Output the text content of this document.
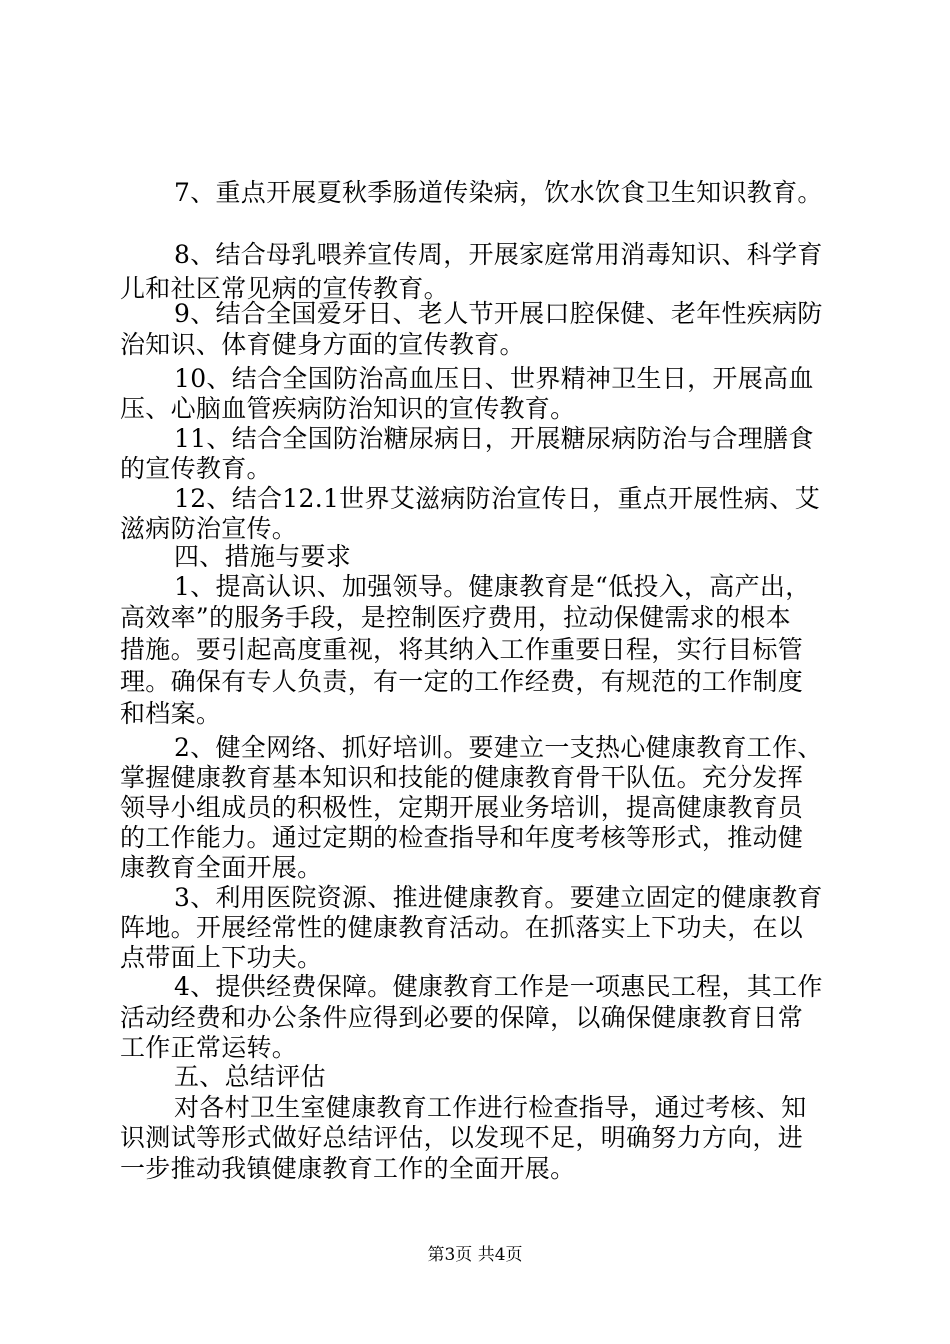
7、重点开展夏秋季肠道传染病，饮水饮食卫生知识教育。
8、结合母乳喂养宣传周，开展家庭常用消毒知识、科学育
儿和社区常见病的宣传教育。
9、结合全国爱牙日、老人节开展口腔保健、老年性疾病防
治知识、体育健身方面的宣传教育。
10、结合全国防治高血压日、世界精神卫生日，开展高血
压、心脑血管疾病防治知识的宣传教育。
11、结合全国防治糖尿病日，开展糖尿病防治与合理膳食
的宣传教育。
12、结合12.1世界艾滋病防治宣传日，重点开展性病、艾
滋病防治宣传。
四、措施与要求
1、提高认识、加强领导。健康教育是“低投入，高产出，
高效率”的服务手段，是控制医疗费用，拉动保健需求的根本
措施。要引起高度重视，将其纳入工作重要日程，实行目标管
理。确保有专人负责，有一定的工作经费，有规范的工作制度
和档案。
2、健全网络、抓好培训。要建立一支热心健康教育工作、
掌握健康教育基本知识和技能的健康教育骨干队伍。充分发挥
领导小组成员的积极性，定期开展业务培训，提高健康教育员
的工作能力。通过定期的检查指导和年度考核等形式，推动健
康教育全面开展。
3、利用医院资源、推进健康教育。要建立固定的健康教育
阵地。开展经常性的健康教育活动。在抓落实上下功夫，在以
点带面上下功夫。
4、提供经费保障。健康教育工作是一项惠民工程，其工作
活动经费和办公条件应得到必要的保障，以确保健康教育日常
工作正常运转。
五、总结评估
对各村卫生室健康教育工作进行检查指导，通过考核、知
识测试等形式做好总结评估，以发现不足，明确努力方向，进
一步推动我镇健康教育工作的全面开展。
第3页 共4页
